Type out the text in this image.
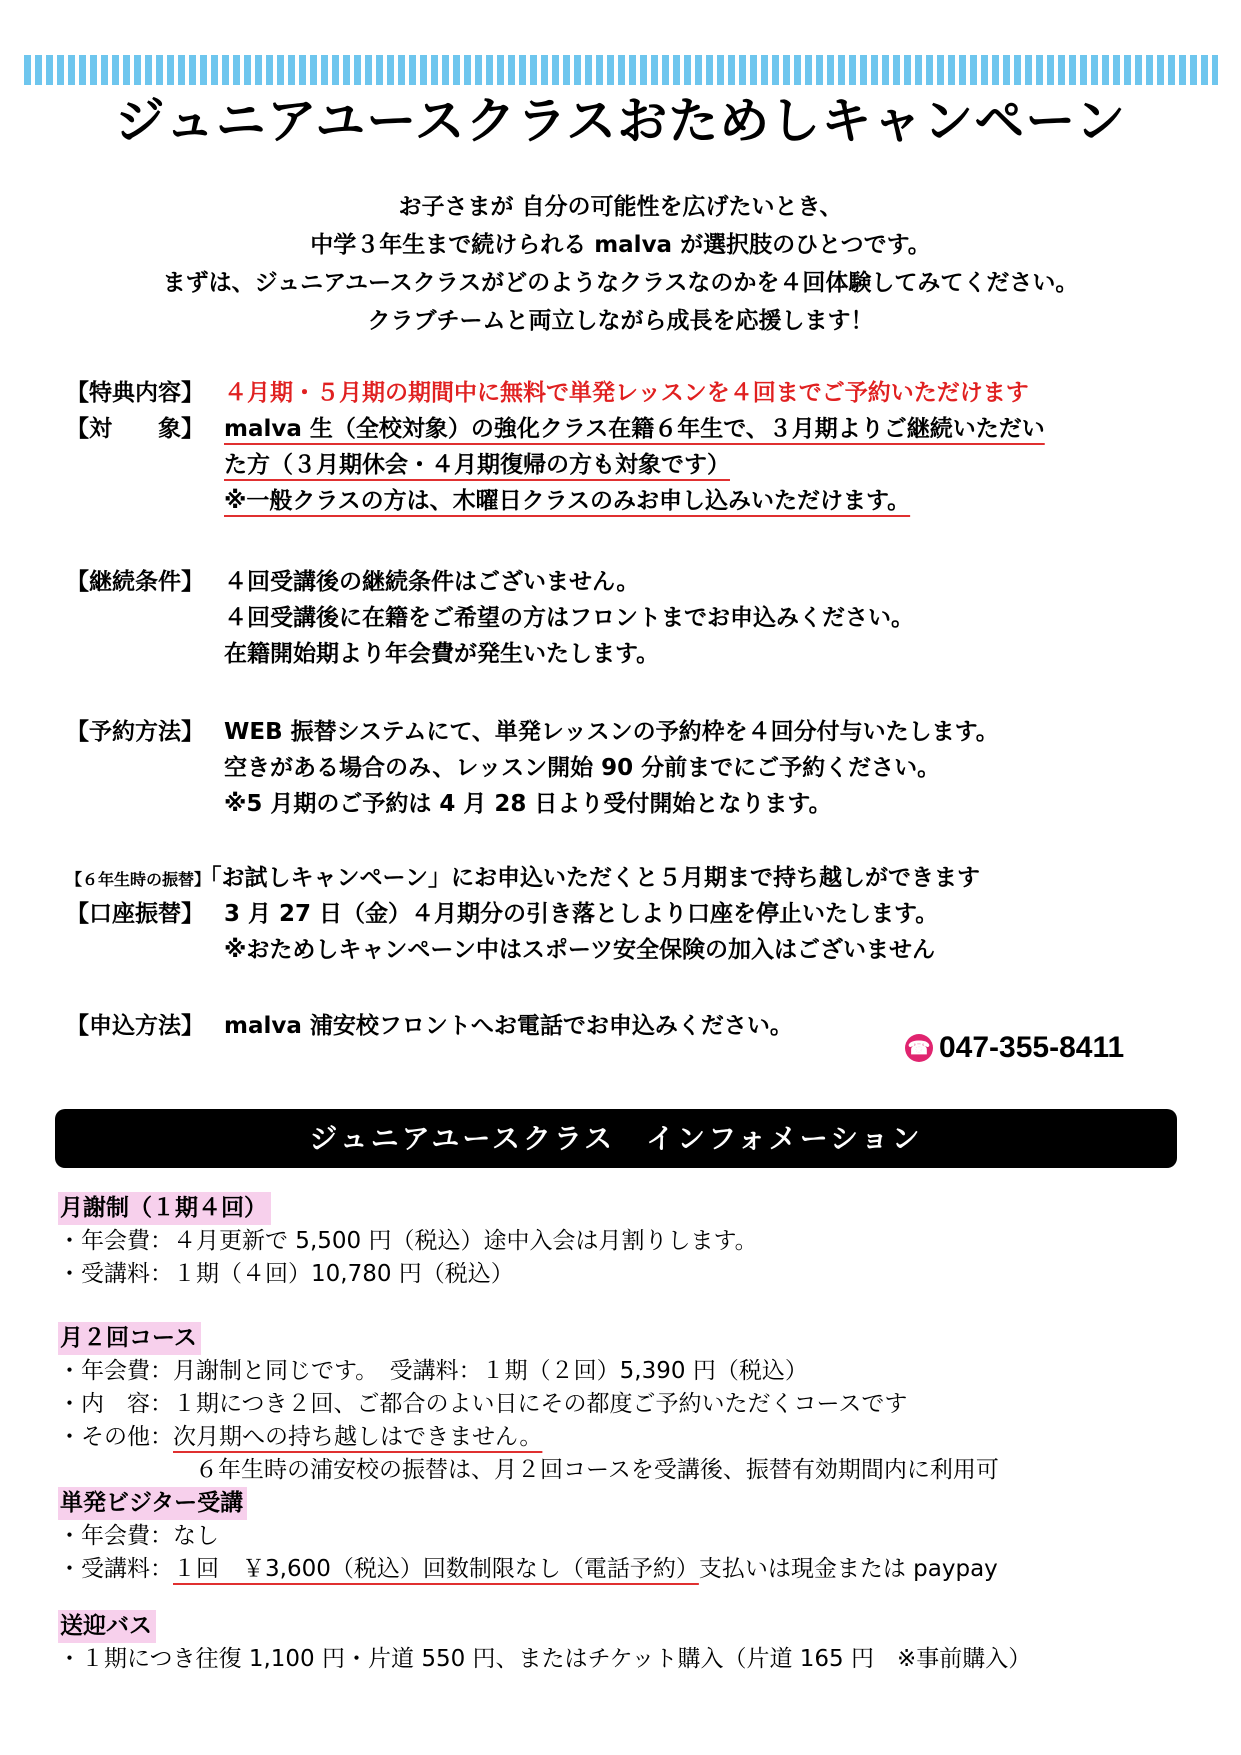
ジュニアユースクラスおためしキャンペーン
お子さまが 自分の可能性を広げたいとき、
中学３年生まで続けられる malva が選択肢のひとつです。
まずは、ジュニアユースクラスがどのようなクラスなのかを４回体験してみてください。
クラブチームと両立しながら成長を応援します！
【特典内容】 ４月期・５月期の期間中に無料で単発レッスンを４回までご予約いただけます
【対　　象】 malva 生（全校対象）の強化クラス在籍６年生で、３月期よりご継続いただい
た方（３月期休会・４月期復帰の方も対象です）
※一般クラスの方は、木曜日クラスのみお申し込みいただけます。
【継続条件】 ４回受講後の継続条件はございません。
４回受講後に在籍をご希望の方はフロントまでお申込みください。
在籍開始期より年会費が発生いたします。
【予約方法】 WEB 振替システムにて、単発レッスンの予約枠を４回分付与いたします。
空きがある場合のみ、レッスン開始 90 分前までにご予約ください。
※5 月期のご予約は 4 月 28 日より受付開始となります。
【６年生時の振替】「お試しキャンペーン」にお申込いただくと５月期まで持ち越しができます
【口座振替】 3 月 27 日（金）４月期分の引き落としより口座を停止いたします。
※おためしキャンペーン中はスポーツ安全保険の加入はございません
【申込方法】 malva 浦安校フロントへお電話でお申込みください。
☎ 047-355-8411
ジュニアユースクラス　インフォメーション
月謝制（１期４回）
・年会費：４月更新で 5,500 円（税込）途中入会は月割りします。
・受講料：１期（４回）10,780 円（税込）
月２回コース
・年会費：月謝制と同じです。　受講料：１期（２回）5,390 円（税込）
・内　容：１期につき２回、ご都合のよい日にその都度ご予約いただくコースです
・その他：次月期への持ち越しはできません。
６年生時の浦安校の振替は、月２回コースを受講後、振替有効期間内に利用可
単発ビジター受講
・年会費：なし
・受講料：１回　￥3,600（税込）回数制限なし（電話予約）支払いは現金または paypay
送迎バス
・１期につき往復 1,100 円・片道 550 円、またはチケット購入（片道 165 円　※事前購入）
